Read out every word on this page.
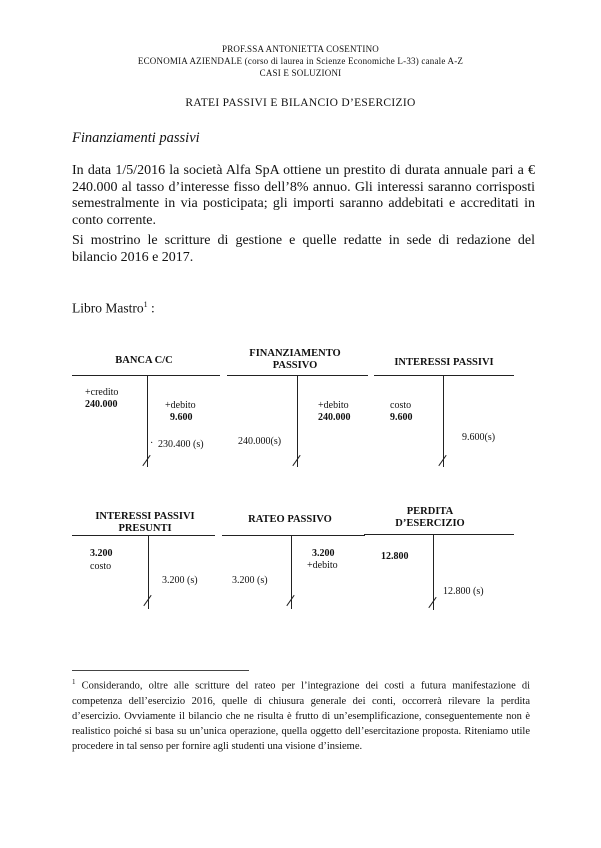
PROF.SSA ANTONIETTA COSENTINO
ECONOMIA AZIENDALE (corso di laurea in Scienze Economiche L-33) canale A-Z
CASI E SOLUZIONI
RATEI PASSIVI E BILANCIO D’ESERCIZIO
Finanziamenti passivi
In data 1/5/2016 la società Alfa SpA ottiene un prestito di durata annuale pari a € 240.000 al tasso d’interesse fisso dell’8% annuo. Gli interessi saranno corrisposti semestralmente in via posticipata; gli importi saranno addebitati e accreditati in conto corrente.
Si mostrino le scritture di gestione e quelle redatte in sede di redazione del bilancio 2016 e 2017.
Libro Mastro$^1$ :
BANCA C/C
+credito
240.000	+debito
9.600
· 230.400 (s)
FINANZIAMENTO
PASSIVO
+debito
240.000
240.000(s)
INTERESSI PASSIVI
costo
9.600
9.600(s)
INTERESSI PASSIVI
PRESUNTI
3.200
costo
3.200 (s)
RATEO PASSIVO
3.200
+debito
3.200 (s)
PERDITA
D’ESERCIZIO
12.800
12.800 (s)
$^1$ Considerando, oltre alle scritture del rateo per l’integrazione dei costi a futura manifestazione di competenza dell’esercizio 2016, quelle di chiusura generale dei conti, occorrerà rilevare la perdita d’esercizio. Ovviamente il bilancio che ne risulta è frutto di un’esemplificazione, conseguentemente non è realistico poiché si basa su un’unica operazione, quella oggetto dell’esercitazione proposta. Riteniamo utile procedere in tal senso per fornire agli studenti una visione d’insieme.
